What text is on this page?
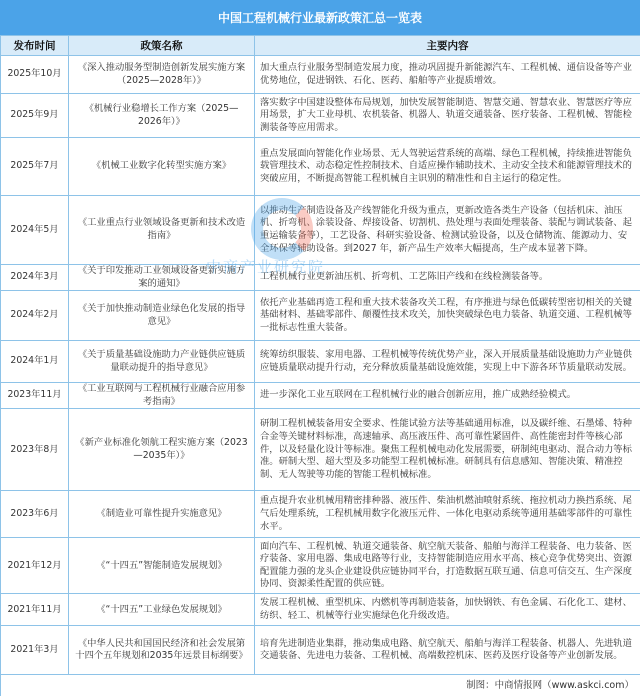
中国工程机械行业最新政策汇总一览表
发布时间	政策名称	主要内容
2025年10月	《深入推动服务型制造创新发展实施方案（2025—2028年）》	加大重点行业服务型制造发展力度，推动巩固提升新能源汽车、工程机械、通信设备等产业优势地位，促进钢铁、石化、医药、船舶等产业提质增效。
2025年9月	《机械行业稳增长工作方案（2025—2026年）》	落实数字中国建设整体布局规划，加快发展智能制造、智慧交通、智慧农业、智慧医疗等应用场景，扩大工业母机、农机装备、机器人、轨道交通装备、医疗装备、工程机械、智能检测装备等应用需求。
2025年7月	《机械工业数字化转型实施方案》	重点发展面向智能化作业场景、无人驾驶运营系统的高端、绿色工程机械，持续推进智能负载管理技术、动态稳定性控制技术、自适应操作辅助技术、主动安全技术和能源管理技术的突破应用，不断提高智能工程机械自主识别的精准性和自主运行的稳定性。
2024年5月	《工业重点行业领域设备更新和技术改造指南》	以推动生产制造设备及产线智能化升级为重点，更新改造各类生产设备（包括机床、油压机、折弯机、涂装设备、焊接设备、切割机、热处理与表面处理装备、装配与调试装备、起重运输装备等），工艺设备、科研实验设备、检测试验设备，以及仓储物流、能源动力、安全环保等辅助设备。到2027 年，新产品生产效率大幅提高，生产成本显著下降。
2024年3月	《关于印发推动工业领域设备更新实施方案的通知》	工程机械行业更新油压机、折弯机、工艺陈旧产线和在线检测装备等。
2024年2月	《关于加快推动制造业绿色化发展的指导意见》	依托产业基础再造工程和重大技术装备攻关工程，有序推进与绿色低碳转型密切相关的关键基础材料、基础零部件、颠覆性技术攻关，加快突破绿色电力装备、轨道交通、工程机械等一批标志性重大装备。
2024年1月	《关于质量基础设施助力产业链供应链质量联动提升的指导意见》	统筹纺织服装、家用电器、工程机械等传统优势产业，深入开展质量基础设施助力产业链供应链质量联动提升行动，充分释放质量基础设施效能，实现上中下游各环节质量联动发展。
2023年11月	《工业互联网与工程机械行业融合应用参考指南》	进一步深化工业互联网在工程机械行业的融合创新应用，推广成熟经验模式。
2023年8月	《新产业标准化领航工程实施方案（2023—2035年）》	研制工程机械装备用安全要求、性能试验方法等基础通用标准，以及碳纤维、石墨烯、特种合金等关键材料标准，高速轴承、高压液压件、高可靠性紧固件、高性能密封件等核心部件，以及轻量化设计等标准。聚焦工程机械电动化发展需要，研制纯电驱动、混合动力等标准。研制大型、超大型及多功能型工程机械标准。研制具有信息感知、智能决策、精准控制、无人驾驶等功能的智能工程机械标准。
2023年6月	《制造业可靠性提升实施意见》	重点提升农业机械用精密排种器、液压件、柴油机燃油喷射系统、拖拉机动力换挡系统、尾气后处理系统，工程机械用数字化液压元件、一体化电驱动系统等通用基础零部件的可靠性水平。
2021年12月	《“十四五”智能制造发展规划》	面向汽车、工程机械、轨道交通装备、航空航天装备、船舶与海洋工程装备、电力装备、医疗装备、家用电器、集成电路等行业，支持智能制造应用水平高、核心竞争优势突出、资源配置能力强的龙头企业建设供应链协同平台，打造数据互联互通、信息可信交互、生产深度协同、资源柔性配置的供应链。
2021年11月	《“十四五”工业绿色发展规划》	发展工程机械、重型机床、内燃机等再制造装备，加快钢铁、有色金属、石化化工、建材、纺织、轻工、机械等行业实施绿色化升级改造。
2021年3月	《中华人民共和国国民经济和社会发展第十四个五年规划和2035年远景目标纲要》	培育先进制造业集群，推动集成电路、航空航天、船舶与海洋工程装备、机器人、先进轨道交通装备、先进电力装备、工程机械、高端数控机床、医药及医疗设备等产业创新发展。
制图：中商情报网（www.askci.com）		
中商产业研究院
